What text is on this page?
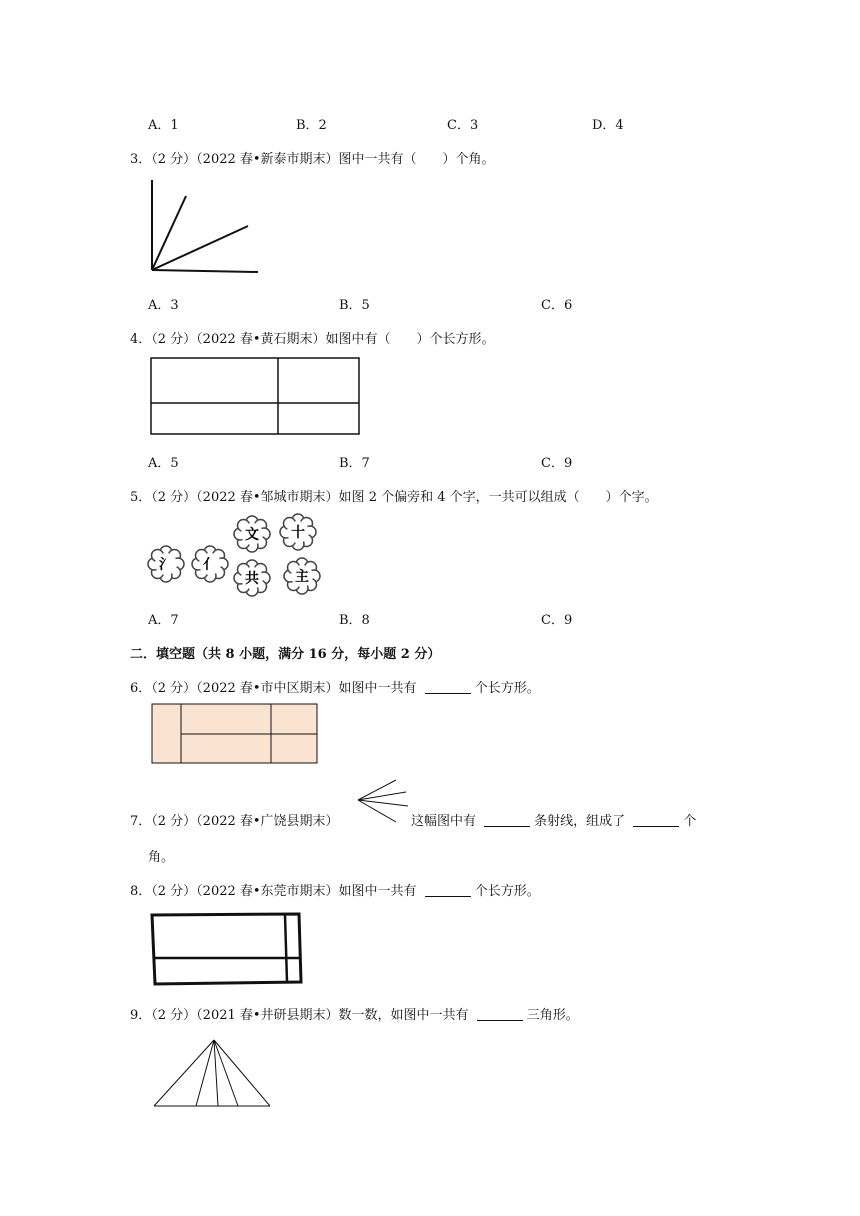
A．1	B．2	C．3	D．4
3．（2 分）（2022 春•新泰市期末）图中一共有（　　）个角。
A．3	B．5	C．6
4．（2 分）（2022 春•黄石期末）如图中有（　　）个长方形。
A．5	B．7	C．9
5．（2 分）（2022 春•邹城市期末）如图 2 个偏旁和 4 个字，一共可以组成（　　）个字。
氵 亻
文 十
共	主
A．7	B．8	C．9
二．填空题（共 8 小题，满分 16 分，每小题 2 分）
6．（2 分）（2022 春•市中区期末）如图中一共有	个长方形。
7．（2 分）（2022 春•广饶县期末）	这幅图中有	条射线，组成了	个
角。
8．（2 分）（2022 春•东莞市期末）如图中一共有	个长方形。
9．（2 分）（2021 春•井研县期末）数一数，如图中一共有	三角形。
